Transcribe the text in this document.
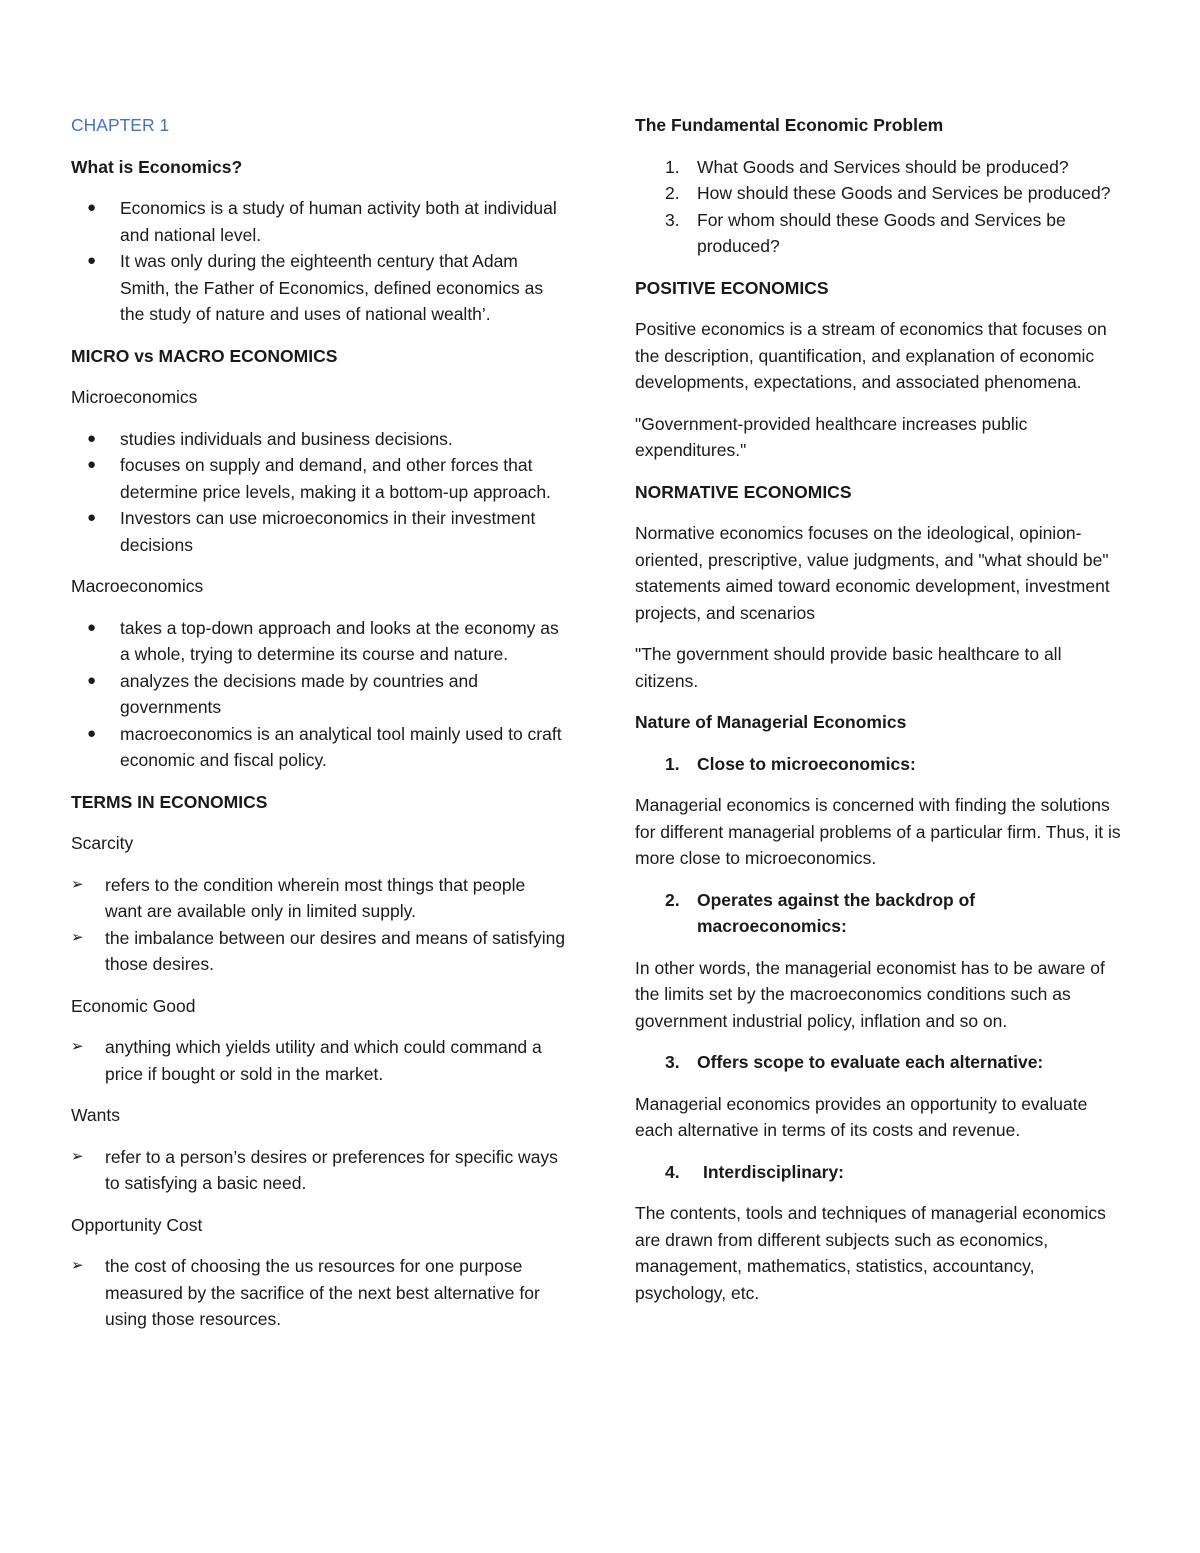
CHAPTER 1

What is Economics?

● Economics is a study of human activity both at individual and national level.
● It was only during the eighteenth century that Adam Smith, the Father of Economics, defined economics as the study of nature and uses of national wealth’.

MICRO vs MACRO ECONOMICS

Microeconomics

● studies individuals and business decisions.
● focuses on supply and demand, and other forces that determine price levels, making it a bottom-up approach.
● Investors can use microeconomics in their investment decisions

Macroeconomics

● takes a top-down approach and looks at the economy as a whole, trying to determine its course and nature.
● analyzes the decisions made by countries and governments
● macroeconomics is an analytical tool mainly used to craft economic and fiscal policy.

TERMS IN ECONOMICS

Scarcity

➢ refers to the condition wherein most things that people want are available only in limited supply.
➢ the imbalance between our desires and means of satisfying those desires.

Economic Good

➢ anything which yields utility and which could command a price if bought or sold in the market.

Wants

➢ refer to a person’s desires or preferences for specific ways to satisfying a basic need.

Opportunity Cost

➢ the cost of choosing the us resources for one purpose measured by the sacrifice of the next best alternative for using those resources.

The Fundamental Economic Problem

1. What Goods and Services should be produced?
2. How should these Goods and Services be produced?
3. For whom should these Goods and Services be produced?

POSITIVE ECONOMICS

Positive economics is a stream of economics that focuses on the description, quantification, and explanation of economic developments, expectations, and associated phenomena.

"Government-provided healthcare increases public expenditures."

NORMATIVE ECONOMICS

Normative economics focuses on the ideological, opinion-oriented, prescriptive, value judgments, and "what should be" statements aimed toward economic development, investment projects, and scenarios

"The government should provide basic healthcare to all citizens.

Nature of Managerial Economics

1. Close to microeconomics:

Managerial economics is concerned with finding the solutions for different managerial problems of a particular firm. Thus, it is more close to microeconomics.

2. Operates against the backdrop of macroeconomics:

In other words, the managerial economist has to be aware of the limits set by the macroeconomics conditions such as government industrial policy, inflation and so on.

3. Offers scope to evaluate each alternative:

Managerial economics provides an opportunity to evaluate each alternative in terms of its costs and revenue.

4. Interdisciplinary:

The contents, tools and techniques of managerial economics are drawn from different subjects such as economics, management, mathematics, statistics, accountancy, psychology, etc.
